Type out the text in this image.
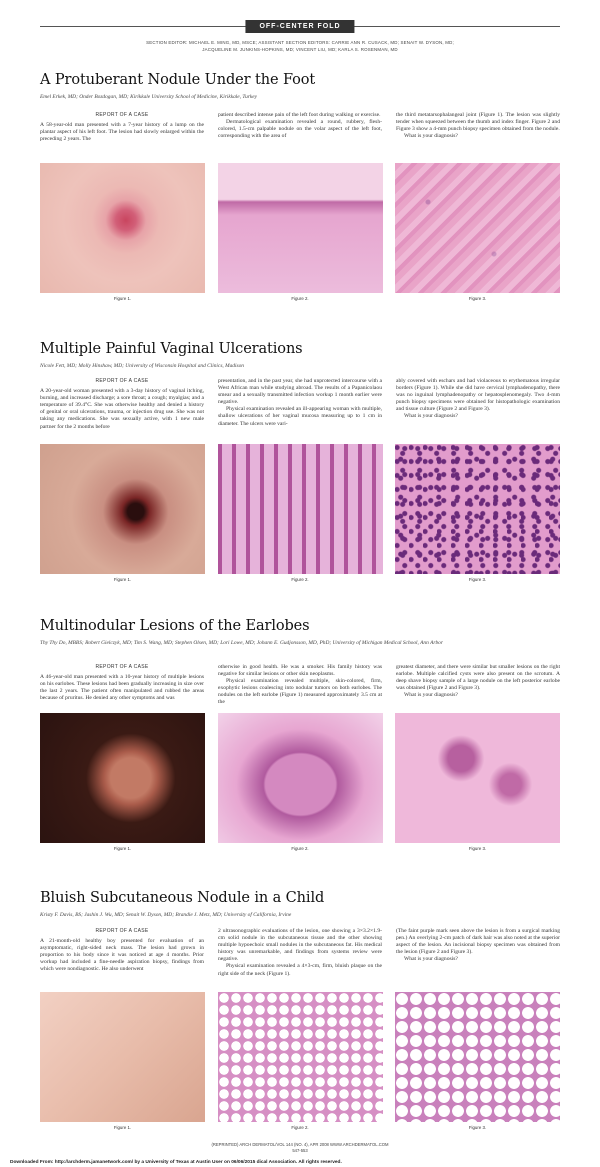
OFF-CENTER FOLD
SECTION EDITOR: MICHAEL E. MING, MD, MSCE; ASSISTANT SECTION EDITORS: CARRIE ANN R. CUSACK, MD; SENAIT W. DYSON, MD;
JACQUELINE M. JUNKINS-HOPKINS, MD; VINCENT LIU, MD; KARLA S. ROSENMAN, MD
A Protuberant Nodule Under the Foot
Emel Erkek, MD; Onder Bozdogan, MD; Kirikkale University School of Medicine, Kirikkale, Turkey
REPORT OF A CASE

A 58-year-old man presented with a 7-year history of a lump on the plantar aspect of his left foot. The lesion had slowly enlarged within the preceding 2 years. The

patient described intense pain of the left foot during walking or exercise.

Dermatological examination revealed a round, rubbery, flesh-colored, 1.5-cm palpable nodule on the volar aspect of the left foot, corresponding with the area of

the third metatarsophalangeal joint (Figure 1). The lesion was slightly tender when squeezed between the thumb and index finger. Figure 2 and Figure 3 show a 4-mm punch biopsy specimen obtained from the nodule.

What is your diagnosis?

Figure 1.	Figure 2.	Figure 3.
Multiple Painful Vaginal Ulcerations
Nicole Fett, MD; Molly Hinshaw, MD; University of Wisconsin Hospital and Clinics, Madison
REPORT OF A CASE

A 20-year-old woman presented with a 3-day history of vaginal itching, burning, and increased discharge; a sore throat; a cough; myalgias; and a temperature of 39.4°C. She was otherwise healthy and denied a history of genital or oral ulcerations, trauma, or injection drug use. She was not taking any medications. She was sexually active, with 1 new male partner for the 2 months before

presentation, and in the past year, she had unprotected intercourse with a West African man while studying abroad. The results of a Papanicolaou smear and a sexually transmitted infection workup 1 month earlier were negative.

Physical examination revealed an ill-appearing woman with multiple, shallow ulcerations of her vaginal mucosa measuring up to 1 cm in diameter. The ulcers were vari-

ably covered with eschars and had violaceous to erythematous irregular borders (Figure 1). While she did have cervical lymphadenopathy, there was no inguinal lymphadenopathy or hepatosplenomegaly. Two 4-mm punch biopsy specimens were obtained for histopathologic examination and tissue culture (Figure 2 and Figure 3).

What is your diagnosis?

Figure 1.	Figure 2.	Figure 3.
Multinodular Lesions of the Earlobes
Thy Thy Do, MBBS; Robert Gielczyk, MD; Tim S. Wang, MD; Stephen Olsen, MD; Lori Lowe, MD; Johann E. Gudjonsson, MD, PhD; University of Michigan Medical School, Ann Arbor
REPORT OF A CASE

A 46-year-old man presented with a 10-year history of multiple lesions on his earlobes. These lesions had been gradually increasing in size over the last 2 years. The patient often manipulated and rubbed the areas because of pruritus. He denied any other symptoms and was

otherwise in good health. He was a smoker. His family history was negative for similar lesions or other skin neoplasms.

Physical examination revealed multiple, skin-colored, firm, exophytic lesions coalescing into nodular tumors on both earlobes. The nodules on the left earlobe (Figure 1) measured approximately 3.5 cm at the

greatest diameter, and there were similar but smaller lesions on the right earlobe. Multiple calcified cysts were also present on the scrotum. A deep shave biopsy sample of a large nodule on the left posterior earlobe was obtained (Figure 2 and Figure 3).

What is your diagnosis?

Figure 1.	Figure 2.	Figure 3.
Bluish Subcutaneous Nodule in a Child
Kristy F. Davis, BS; Jashin J. Wu, MD; Senait W. Dyson, MD; Brandie J. Metz, MD; University of California, Irvine
REPORT OF A CASE

A 21-month-old healthy boy presented for evaluation of an asymptomatic, right-sided neck mass. The lesion had grown in proportion to his body since it was noticed at age 4 months. Prior workup had included a fine-needle aspiration biopsy, findings from which were nondiagnostic. He also underwent

2 ultrasonographic evaluations of the lesion, one showing a 3×3.2×1.9-cm solid nodule in the subcutaneous tissue and the other showing multiple hypoechoic small nodules in the subcutaneous fat. His medical history was unremarkable, and findings from systems review were negative.

Physical examination revealed a 4×3-cm, firm, bluish plaque on the right side of the neck (Figure 1).

(The faint purple mark seen above the lesion is from a surgical marking pen.) An overlying 2-cm patch of dark hair was also noted at the superior aspect of the lesion. An incisional biopsy specimen was obtained from the lesion (Figure 2 and Figure 3).

What is your diagnosis?

Figure 1.	Figure 2.	Figure 3.
(REPRINTED) ARCH DERMATOL/VOL 144 (NO. 4), APR 2008 WWW.ARCHDERMATOL.COM
547-553
Downloaded From: http://archderm.jamanetwork.com/ by a University of Texas at Austin User on 06/06/2015 dical Association. All rights reserved.
